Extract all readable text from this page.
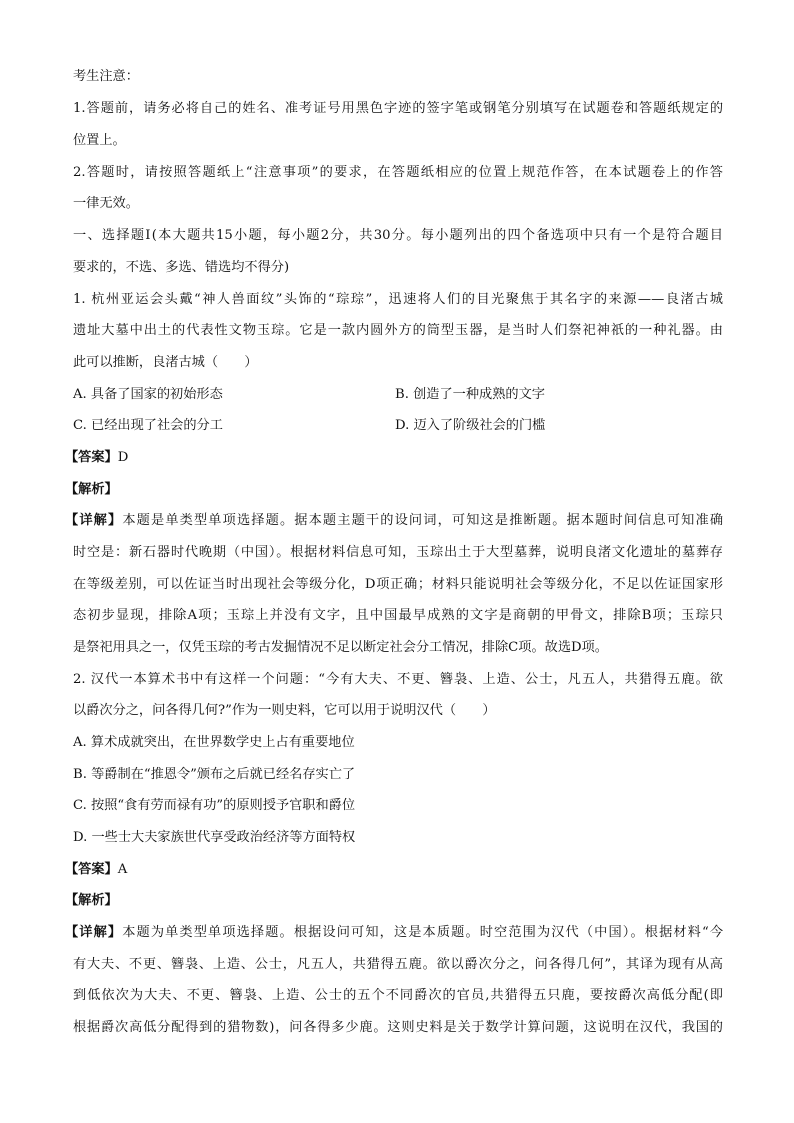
考生注意：
1.答题前，请务必将自己的姓名、准考证号用黑色字迹的签字笔或钢笔分别填写在试题卷和答题纸规定的
位置上。
2.答题时，请按照答题纸上“注意事项”的要求，在答题纸相应的位置上规范作答，在本试题卷上的作答
一律无效。
一、选择题Ⅰ(本大题共15小题，每小题2分，共30分。每小题列出的四个备选项中只有一个是符合题目
要求的，不选、多选、错选均不得分)
1. 杭州亚运会头戴“神人兽面纹”头饰的“琮琮”，迅速将人们的目光聚焦于其名字的来源——良渚古城
遗址大墓中出土的代表性文物玉琮。它是一款内圆外方的筒型玉器，是当时人们祭祀神祇的一种礼器。由
此可以推断，良渚古城（　　）
A. 具备了国家的初始形态	B. 创造了一种成熟的文字
C. 已经出现了社会的分工	D. 迈入了阶级社会的门槛
【答案】D
【解析】
【详解】本题是单类型单项选择题。据本题主题干的设问词，可知这是推断题。据本题时间信息可知准确
时空是：新石器时代晚期（中国）。根据材料信息可知，玉琮出土于大型墓葬，说明良渚文化遗址的墓葬存
在等级差别，可以佐证当时出现社会等级分化，D项正确；材料只能说明社会等级分化，不足以佐证国家形
态初步显现，排除A项；玉琮上并没有文字，且中国最早成熟的文字是商朝的甲骨文，排除B项；玉琮只
是祭祀用具之一，仅凭玉琮的考古发掘情况不足以断定社会分工情况，排除C项。故选D项。
2. 汉代一本算术书中有这样一个问题：“今有大夫、不更、簪袅、上造、公士，凡五人，共猎得五鹿。欲
以爵次分之，问各得几何?”作为一则史料，它可以用于说明汉代（　　）
A. 算术成就突出，在世界数学史上占有重要地位
B. 等爵制在“推恩令”颁布之后就已经名存实亡了
C. 按照“食有劳而禄有功”的原则授予官职和爵位
D. 一些士大夫家族世代享受政治经济等方面特权
【答案】A
【解析】
【详解】本题为单类型单项选择题。根据设问可知，这是本质题。时空范围为汉代（中国）。根据材料“今
有大夫、不更、簪袅、上造、公士，凡五人，共猎得五鹿。欲以爵次分之，问各得几何”，其译为现有从高
到低依次为大夫、不更、簪袅、上造、公士的五个不同爵次的官员,共猎得五只鹿，要按爵次高低分配(即
根据爵次高低分配得到的猎物数)，问各得多少鹿。这则史料是关于数学计算问题，这说明在汉代，我国的
